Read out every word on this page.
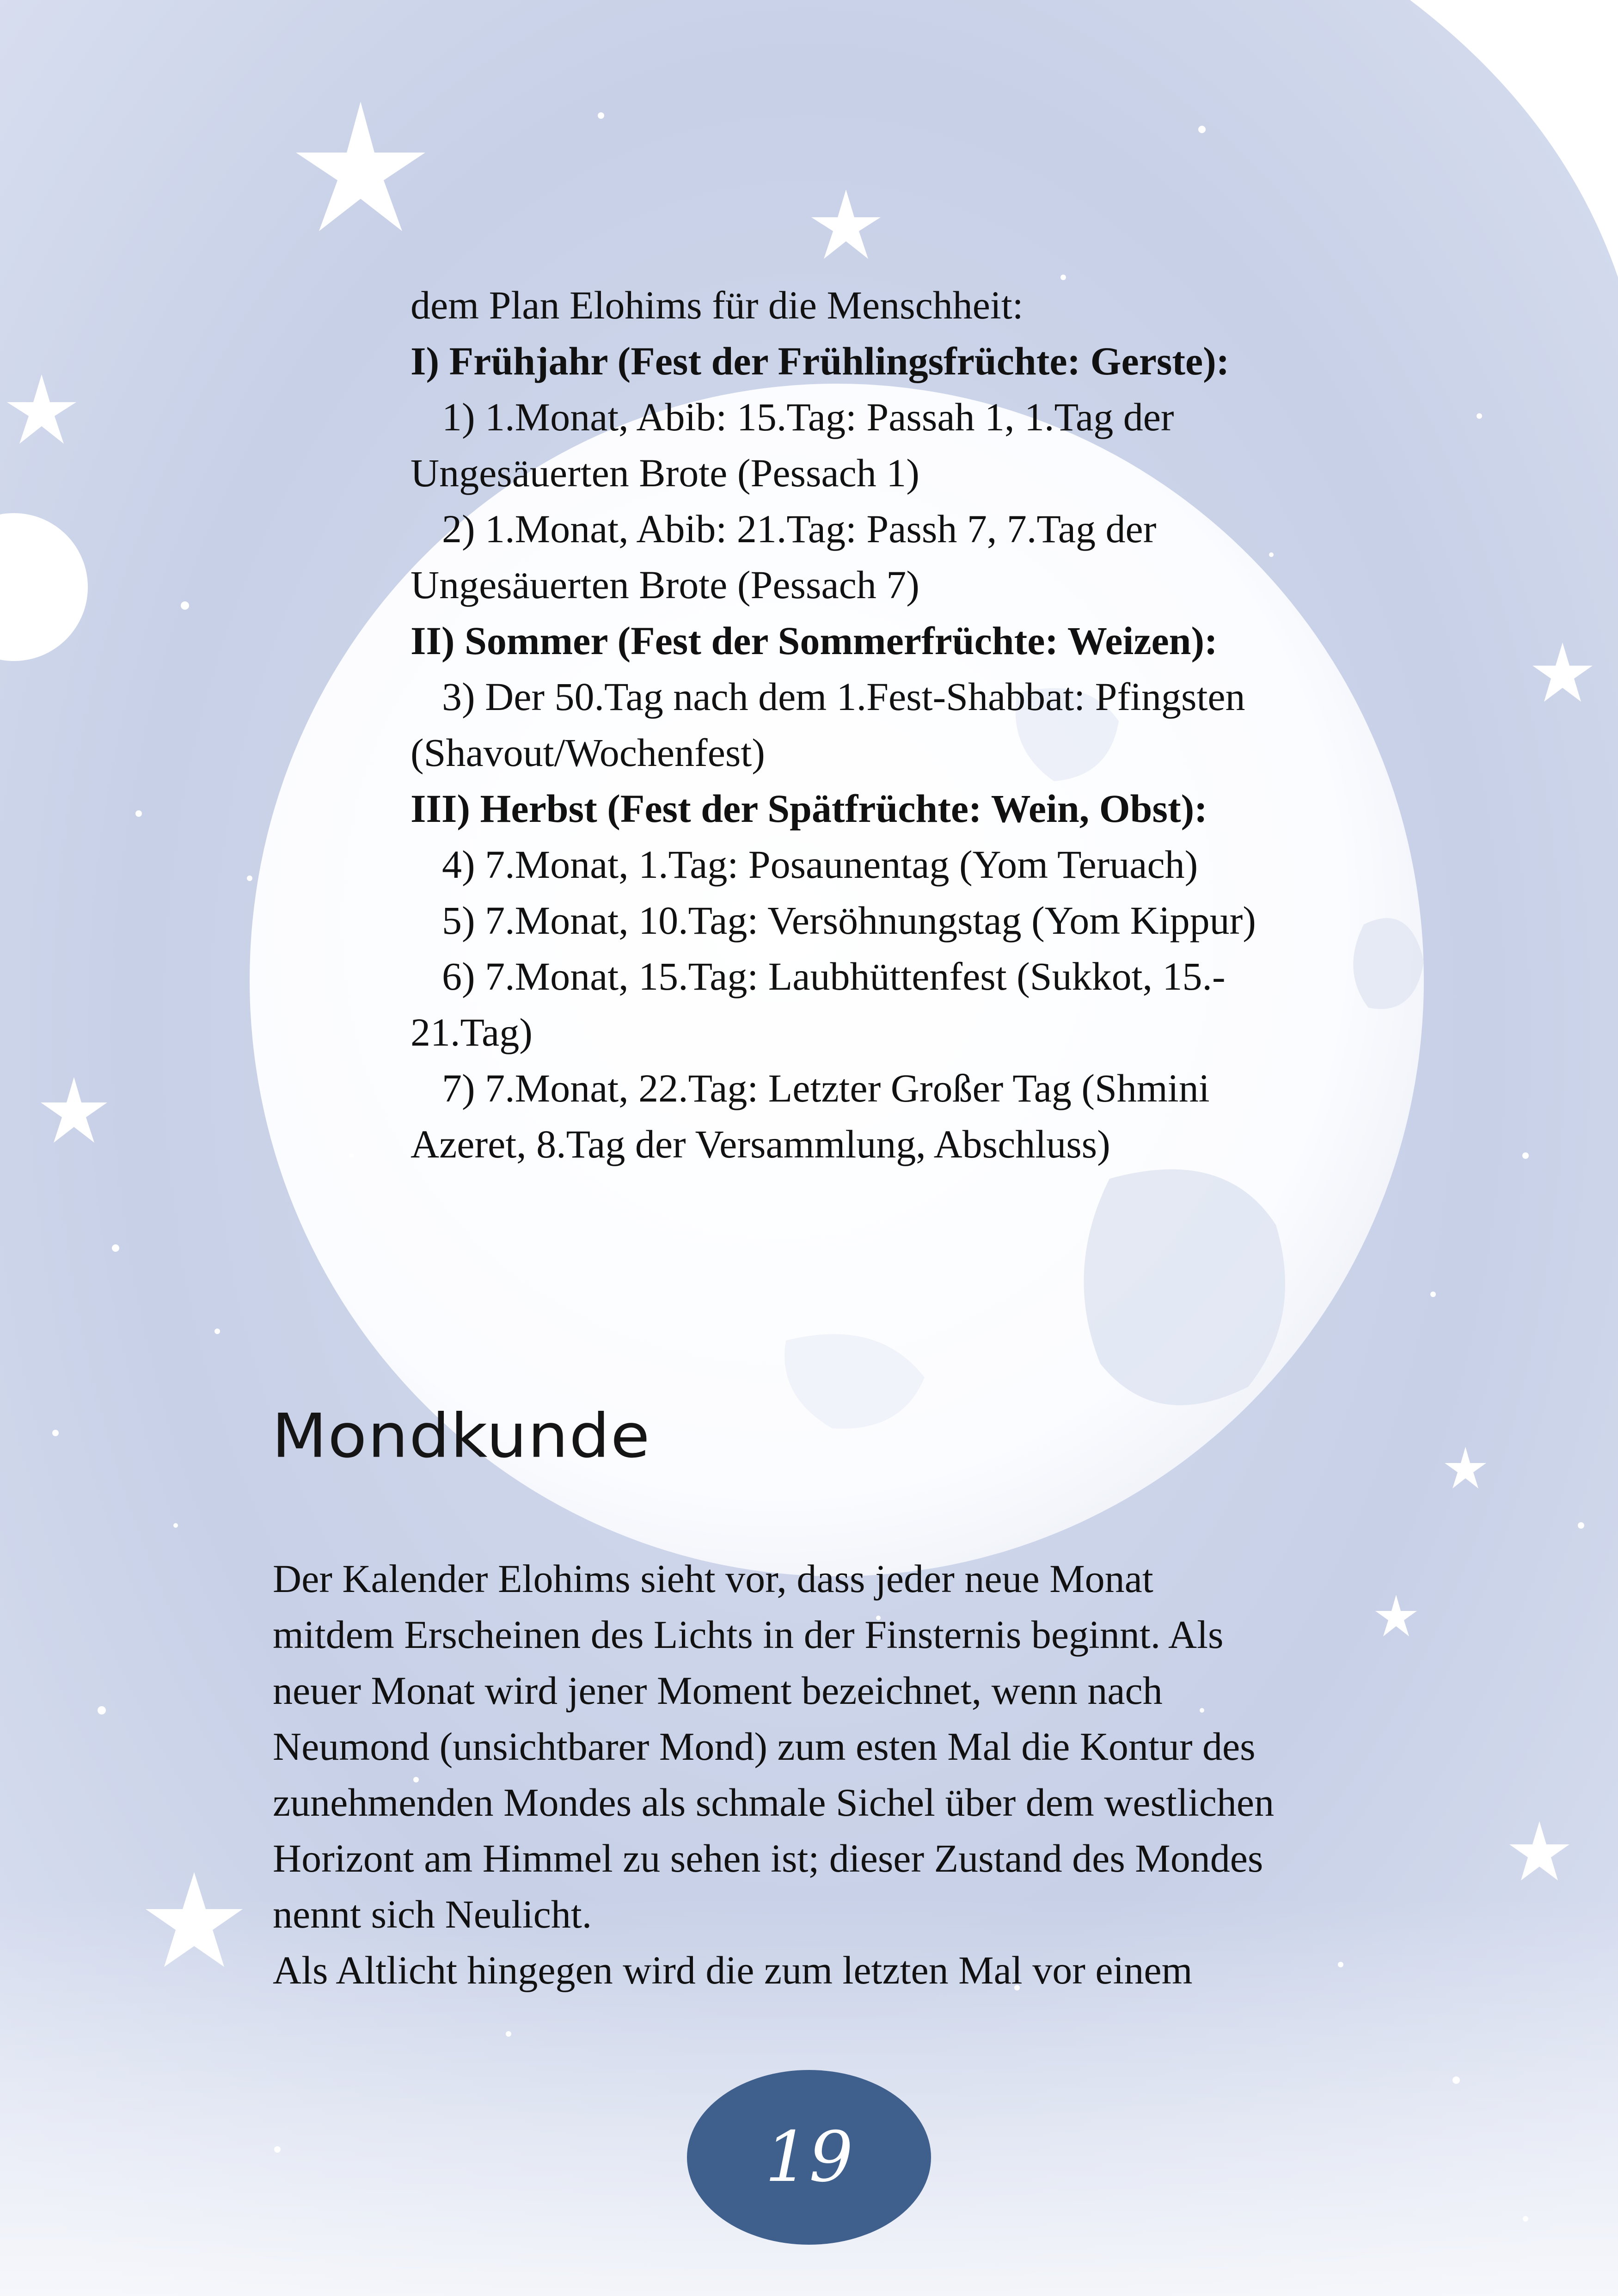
dem Plan Elohims für die Menschheit:

I) Frühjahr (Fest der Frühlingsfrüchte: Gerste):

1) 1.Monat, Abib: 15.Tag: Passah 1, 1.Tag der

Ungesäuerten Brote (Pessach 1)

2) 1.Monat, Abib: 21.Tag: Passh 7, 7.Tag der

Ungesäuerten Brote (Pessach 7)

II) Sommer (Fest der Sommerfrüchte: Weizen):

3) Der 50.Tag nach dem 1.Fest-Shabbat: Pfingsten

(Shavout/Wochenfest)

III) Herbst (Fest der Spätfrüchte: Wein, Obst):

4) 7.Monat, 1.Tag: Posaunentag (Yom Teruach)

5) 7.Monat, 10.Tag: Versöhnungstag (Yom Kippur)

6) 7.Monat, 15.Tag: Laubhüttenfest (Sukkot, 15.-

21.Tag)

7) 7.Monat, 22.Tag: Letzter Großer Tag (Shmini

Azeret, 8.Tag der Versammlung, Abschluss)

Mondkunde

Der Kalender Elohims sieht vor, dass jeder neue Monat

mitdem Erscheinen des Lichts in der Finsternis beginnt. Als

neuer Monat wird jener Moment bezeichnet, wenn nach

Neumond (unsichtbarer Mond) zum esten Mal die Kontur des

zunehmenden Mondes als schmale Sichel über dem westlichen

Horizont am Himmel zu sehen ist; dieser Zustand des Mondes

nennt sich Neulicht.

Als Altlicht hingegen wird die zum letzten Mal vor einem

19
